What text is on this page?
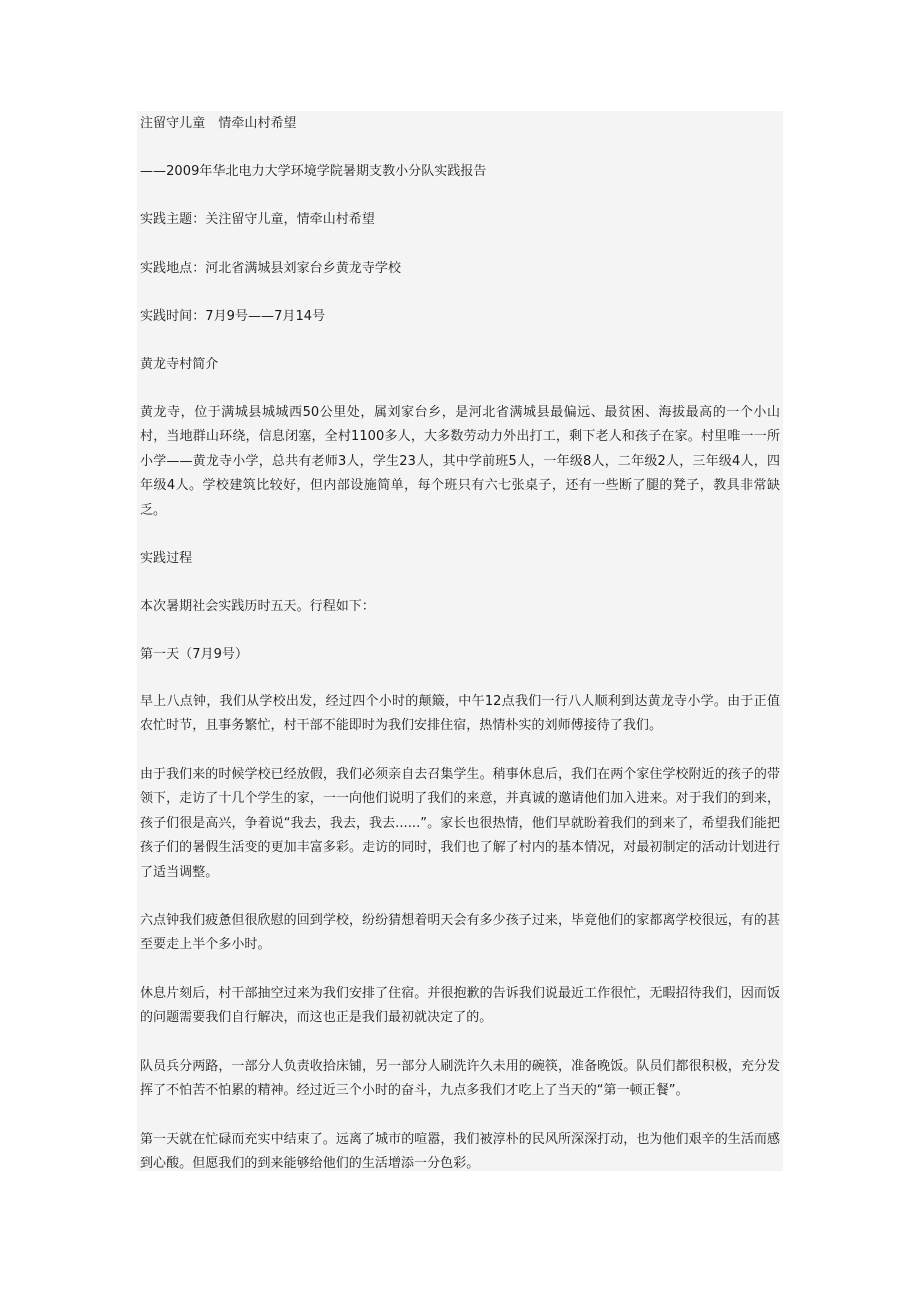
注留守儿童　情牵山村希望

——2009年华北电力大学环境学院暑期支教小分队实践报告

实践主题：关注留守儿童，情牵山村希望

实践地点：河北省满城县刘家台乡黄龙寺学校

实践时间：7月9号——7月14号

黄龙寺村简介

黄龙寺，位于满城县城城西50公里处，属刘家台乡，是河北省满城县最偏远、最贫困、海拔最高的一个小山村，当地群山环绕，信息闭塞，全村1100多人，大多数劳动力外出打工，剩下老人和孩子在家。村里唯一一所小学——黄龙寺小学，总共有老师3人，学生23人，其中学前班5人，一年级8人，二年级2人，三年级4人，四年级4人。学校建筑比较好，但内部设施简单，每个班只有六七张桌子，还有一些断了腿的凳子，教具非常缺乏。

实践过程

本次暑期社会实践历时五天。行程如下：

第一天（7月9号）

早上八点钟，我们从学校出发，经过四个小时的颠簸，中午12点我们一行八人顺利到达黄龙寺小学。由于正值农忙时节，且事务繁忙，村干部不能即时为我们安排住宿，热情朴实的刘师傅接待了我们。

由于我们来的时候学校已经放假，我们必须亲自去召集学生。稍事休息后，我们在两个家住学校附近的孩子的带领下，走访了十几个学生的家，一一向他们说明了我们的来意，并真诚的邀请他们加入进来。对于我们的到来，孩子们很是高兴，争着说“我去，我去，我去......”。家长也很热情，他们早就盼着我们的到来了，希望我们能把孩子们的暑假生活变的更加丰富多彩。走访的同时，我们也了解了村内的基本情况，对最初制定的活动计划进行了适当调整。

六点钟我们疲惫但很欣慰的回到学校，纷纷猜想着明天会有多少孩子过来，毕竟他们的家都离学校很远，有的甚至要走上半个多小时。

休息片刻后，村干部抽空过来为我们安排了住宿。并很抱歉的告诉我们说最近工作很忙，无暇招待我们，因而饭的问题需要我们自行解决，而这也正是我们最初就决定了的。

队员兵分两路，一部分人负责收拾床铺，另一部分人刷洗许久未用的碗筷，准备晚饭。队员们都很积极，充分发挥了不怕苦不怕累的精神。经过近三个小时的奋斗，九点多我们才吃上了当天的“第一顿正餐”。

第一天就在忙碌而充实中结束了。远离了城市的喧嚣，我们被淳朴的民风所深深打动，也为他们艰辛的生活而感到心酸。但愿我们的到来能够给他们的生活增添一分色彩。
